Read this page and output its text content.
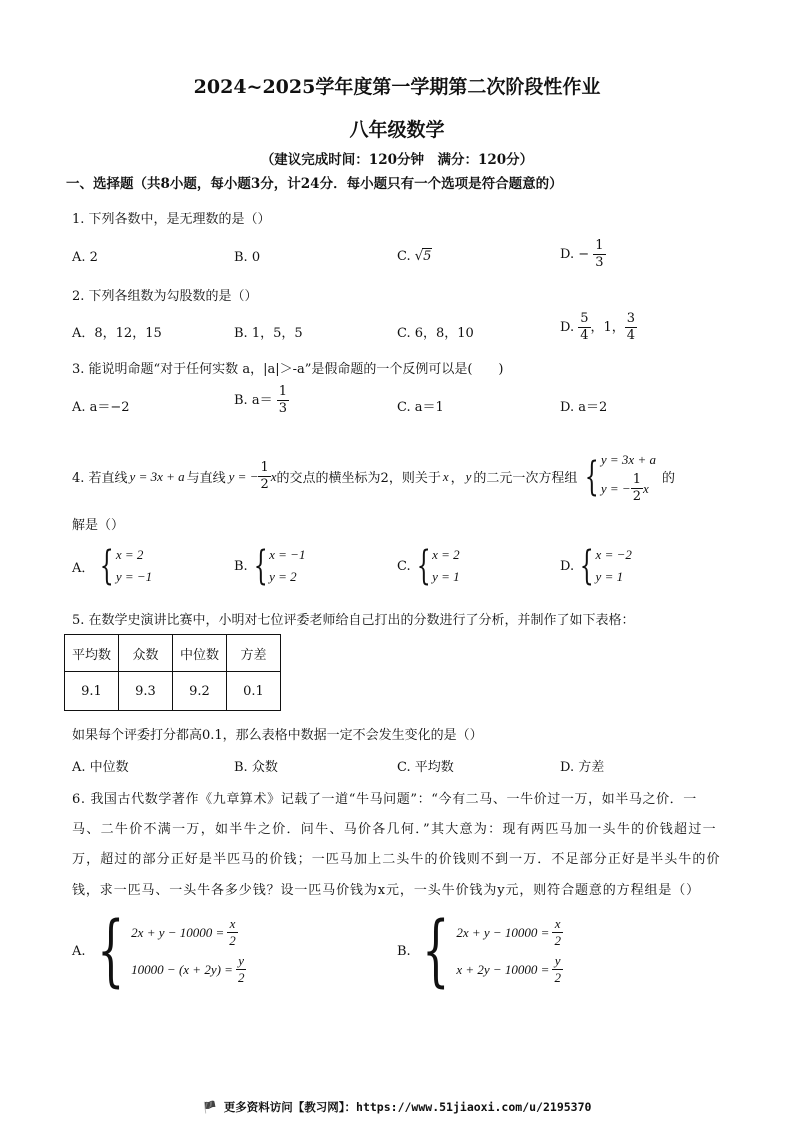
2024~2025学年度第一学期第二次阶段性作业
八年级数学
（建议完成时间：120分钟　满分：120分）
一、选择题（共8小题，每小题3分，计24分．每小题只有一个选项是符合题意的）
1. 下列各数中，是无理数的是（）
A. 2	B. 0	C. √5	D. − $\frac{1}{3}$
2. 下列各组数为勾股数的是（）
A．8，12，15	B. 1，5，5	C. 6，8，10	D. $\frac{5}{4}$ ，1， $\frac{3}{4}$
3. 能说明命题“对于任何实数 a，|a|＞-a”是假命题的一个反例可以是(　　)
A. a＝−2	B. $a= \frac{1}{3}$	C. a＝1	D. a＝2
4. 若直线 y = 3x + a 与直线 y = − $\frac{1}{2}$ x 的交点的横坐标为2，则关于 x ， y 的二元一次方程组 { y = 3x + a
y = − $\frac{1}{2}$ x
的
解是（）
A． { x = 2
y = −1
B. { x = −1
y = 2
C. { x = 2
y = 1
D. { x = −2
y = 1
5. 在数学史演讲比赛中，小明对七位评委老师给自己打出的分数进行了分析，并制作了如下表格：
平均数	众数	中位数	方差
9.1	9.3	9.2	0.1
如果每个评委打分都高0.1，那么表格中数据一定不会发生变化的是（）
A. 中位数	B. 众数	C. 平均数	D. 方差
6. 我国古代数学著作《九章算术》记载了一道“牛马问题”：“今有二马、一牛价过一万，如半马之价．一
马、二牛价不满一万，如半牛之价．问牛、马价各几何．”其大意为：现有两匹马加一头牛的价钱超过一
万，超过的部分正好是半匹马的价钱；一匹马加上二头牛的价钱则不到一万．不足部分正好是半头牛的价
钱，求一匹马、一头牛各多少钱？设一匹马价钱为x元，一头牛价钱为y元，则符合题意的方程组是（）
A. { $2x + y - 10000 = \frac{x}{2}$
$10000 - (x + 2y) = \frac{y}{2}$
B. { $2x + y - 10000 = \frac{x}{2}$
$x + 2y - 10000 = \frac{y}{2}$
🏴 更多资料访问【教习网】：https://www.51jiaoxi.com/u/2195370
